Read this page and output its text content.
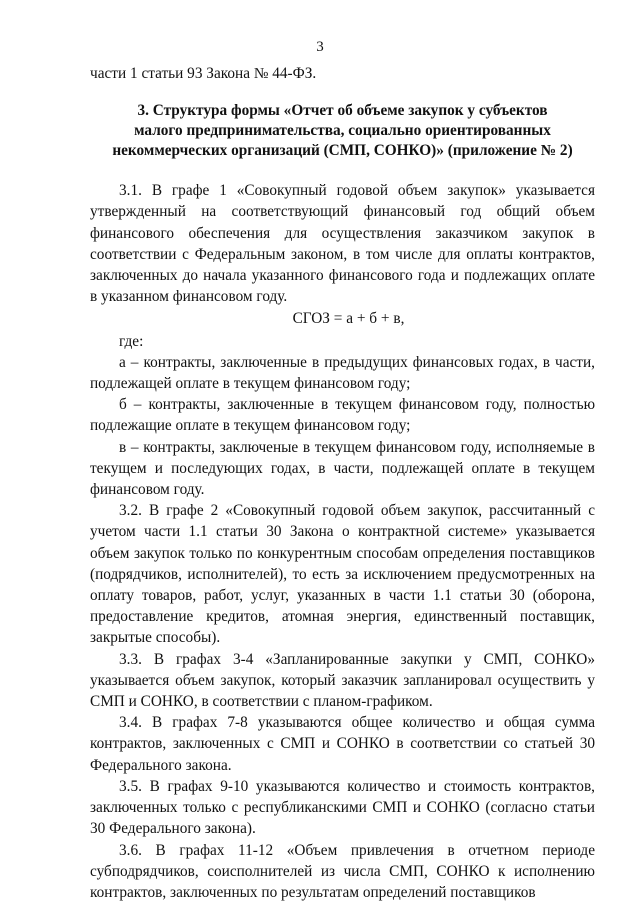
3

части 1 статьи 93 Закона № 44-ФЗ.

3. Структура формы «Отчет об объеме закупок у субъектов
малого предпринимательства, социально ориентированных
некоммерческих организаций (СМП, СОНКО)» (приложение № 2)

3.1. В графе 1 «Совокупный годовой объем закупок» указывается утвержденный на соответствующий финансовый год общий объем финансового обеспечения для осуществления заказчиком закупок в соответствии с Федеральным законом, в том числе для оплаты контрактов, заключенных до начала указанного финансового года и подлежащих оплате в указанном финансовом году.

СГОЗ = а + б + в,

где:

а – контракты, заключенные в предыдущих финансовых годах, в части, подлежащей оплате в текущем финансовом году;

б – контракты, заключенные в текущем финансовом году, полностью подлежащие оплате в текущем финансовом году;

в – контракты, заключеные в текущем финансовом году, исполняемые в текущем и последующих годах, в части, подлежащей оплате в текущем финансовом году.

3.2. В графе 2 «Совокупный годовой объем закупок, рассчитанный с учетом части 1.1 статьи 30 Закона о контрактной системе» указывается объем закупок только по конкурентным способам определения поставщиков (подрядчиков, исполнителей), то есть за исключением предусмотренных на оплату товаров, работ, услуг, указанных в части 1.1 статьи 30 (оборона, предоставление кредитов, атомная энергия, единственный поставщик, закрытые способы).

3.3. В графах 3-4 «Запланированные закупки у СМП, СОНКО» указывается объем закупок, который заказчик запланировал осуществить у СМП и СОНКО, в соответствии с планом-графиком.

3.4. В графах 7-8 указываются общее количество и общая сумма контрактов, заключенных с СМП и СОНКО в соответствии со статьей 30 Федерального закона.

3.5. В графах 9-10 указываются количество и стоимость контрактов, заключенных только с республиканскими СМП и СОНКО (согласно статьи 30 Федерального закона).

3.6. В графах 11-12 «Объем привлечения в отчетном периоде субподрядчиков, соисполнителей из числа СМП, СОНКО к исполнению контрактов, заключенных по результатам определений поставщиков
